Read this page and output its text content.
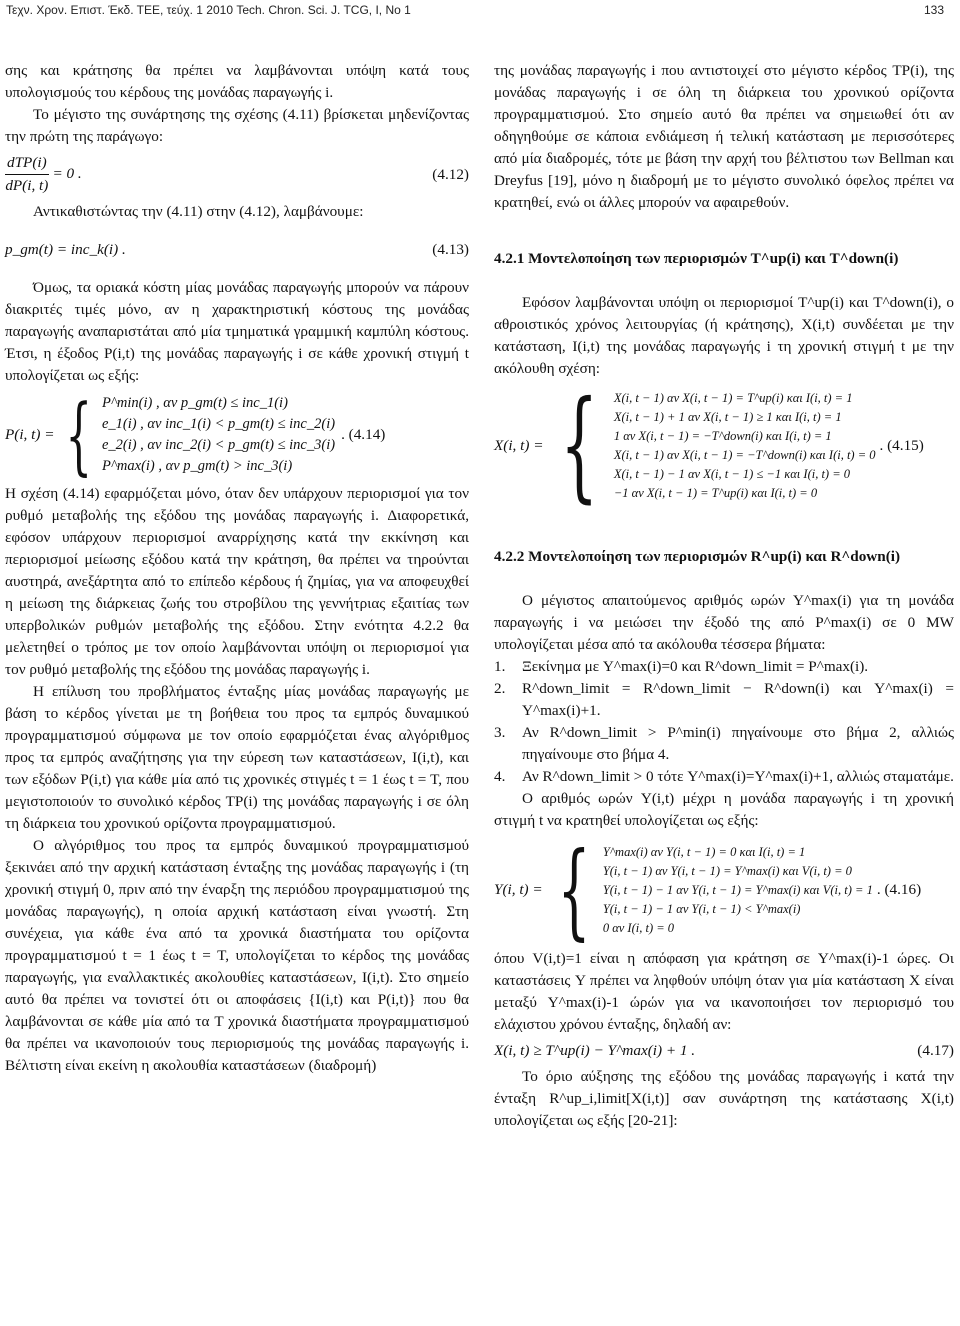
Τεχν. Χρον. Επιστ. Έκδ. ΤΕΕ, τεύχ. 1 2010 Tech. Chron. Sci. J. TCG, I, No 1	133

σης και κράτησης θα πρέπει να λαμβάνονται υπόψη κατά τους υπολογισμούς του κέρδους της μονάδας παραγωγής i.

Το μέγιστο της συνάρτησης της σχέσης (4.11) βρίσκεται μηδενίζοντας την πρώτη της παράγωγο:

$\frac{\text{dTP(i)}}{dP(i, t)} = 0$ .	(4.12)

Αντικαθιστώντας την (4.11) στην (4.12), λαμβάνουμε:

p_gm(t) = inc_k(i) .	(4.13)

Όμως, τα οριακά κόστη μίας μονάδας παραγωγής μπορούν να πάρουν διακριτές τιμές μόνο, αν η χαρακτηριστική κόστους της μονάδας παραγωγής αναπαριστάται από μία τμηματικά γραμμική καμπύλη κόστους. Έτσι, η έξοδος P(i,t) της μονάδας παραγωγής i σε κάθε χρονική στιγμή t υπολογίζεται ως εξής:

P(i, t) = { P^min(i) , αν p_gm(t) ≤ inc_1(i)
e_1(i) , αν inc_1(i) < p_gm(t) ≤ inc_2(i)
e_2(i) , αν inc_2(i) < p_gm(t) ≤ inc_3(i)
P^max(i) , αν p_gm(t) > inc_3(i)
. (4.14)

Η σχέση (4.14) εφαρμόζεται μόνο, όταν δεν υπάρχουν περιορισμοί για τον ρυθμό μεταβολής της εξόδου της μονάδας παραγωγής i. Διαφορετικά, εφόσον υπάρχουν περιορισμοί αναρρίχησης κατά την εκκίνηση και περιορισμοί μείωσης εξόδου κατά την κράτηση, θα πρέπει να τηρούνται αυστηρά, ανεξάρτητα από το επίπεδο κέρδους ή ζημίας, για να αποφευχθεί η μείωση της διάρκειας ζωής του στροβίλου της γεννήτριας εξαιτίας των υπερβολικών ρυθμών μεταβολής της εξόδου. Στην ενότητα 4.2.2 θα μελετηθεί ο τρόπος με τον οποίο λαμβάνονται υπόψη οι περιορισμοί για τον ρυθμό μεταβολής της εξόδου της μονάδας παραγωγής i.

Η επίλυση του προβλήματος ένταξης μίας μονάδας παραγωγής με βάση το κέρδος γίνεται με τη βοήθεια του προς τα εμπρός δυναμικού προγραμματισμού σύμφωνα με τον οποίο εφαρμόζεται ένας αλγόριθμος προς τα εμπρός αναζήτησης για την εύρεση των καταστάσεων, I(i,t), και των εξόδων P(i,t) για κάθε μία από τις χρονικές στιγμές t = 1 έως t = T, που μεγιστοποιούν το συνολικό κέρδος TP(i) της μονάδας παραγωγής i σε όλη τη διάρκεια του χρονικού ορίζοντα προγραμματισμού.

Ο αλγόριθμος του προς τα εμπρός δυναμικού προγραμματισμού ξεκινάει από την αρχική κατάσταση ένταξης της μονάδας παραγωγής i (τη χρονική στιγμή 0, πριν από την έναρξη της περιόδου προγραμματισμού της μονάδας παραγωγής), η οποία αρχική κατάσταση είναι γνωστή. Στη συνέχεια, για κάθε ένα από τα χρονικά διαστήματα του ορίζοντα προγραμματισμού t = 1 έως t = T, υπολογίζεται το κέρδος της μονάδας παραγωγής, για εναλλακτικές ακολουθίες καταστάσεων, I(i,t). Στο σημείο αυτό θα πρέπει να τονιστεί ότι οι αποφάσεις {I(i,t) και P(i,t)} που θα λαμβάνονται σε κάθε μία από τα T χρονικά διαστήματα προγραμματισμού θα πρέπει να ικανοποιούν τους περιορισμούς της μονάδας παραγωγής i. Βέλτιστη είναι εκείνη η ακολουθία καταστάσεων (διαδρομή)

της μονάδας παραγωγής i που αντιστοιχεί στο μέγιστο κέρδος TP(i), της μονάδας παραγωγής i σε όλη τη διάρκεια του χρονικού ορίζοντα προγραμματισμού. Στο σημείο αυτό θα πρέπει να σημειωθεί ότι αν οδηγηθούμε σε κάποια ενδιάμεση ή τελική κατάσταση με περισσότερες από μία διαδρομές, τότε με βάση την αρχή του βέλτιστου των Bellman και Dreyfus [19], μόνο η διαδρομή με το μέγιστο συνολικό όφελος πρέπει να κρατηθεί, ενώ οι άλλες μπορούν να αφαιρεθούν.

4.2.1 Μοντελοποίηση των περιορισμών T^up(i) και T^down(i)

Εφόσον λαμβάνονται υπόψη οι περιορισμοί T^up(i) και T^down(i), ο αθροιστικός χρόνος λειτουργίας (ή κράτησης), X(i,t) συνδέεται με την κατάσταση, I(i,t) της μονάδας παραγωγής i τη χρονική στιγμή t με την ακόλουθη σχέση:

X(i, t) = { X(i, t − 1) αν X(i, t − 1) = T^up(i) και I(i, t) = 1
X(i, t − 1) + 1 αν X(i, t − 1) ≥ 1 και I(i, t) = 1
1 αν X(i, t − 1) = −T^down(i) και I(i, t) = 1
X(i, t − 1) αν X(i, t − 1) = −T^down(i) και I(i, t) = 0
X(i, t − 1) − 1 αν X(i, t − 1) ≤ −1 και I(i, t) = 0
−1 αν X(i, t − 1) = T^up(i) και I(i, t) = 0
. (4.15)

4.2.2 Μοντελοποίηση των περιορισμών R^up(i) και R^down(i)

Ο μέγιστος απαιτούμενος αριθμός ωρών Y^max(i) για τη μονάδα παραγωγής i να μειώσει την έξοδό της από P^max(i) σε 0 MW υπολογίζεται μέσα από τα ακόλουθα τέσσερα βήματα:

1.	Ξεκίνημα με Y^max(i)=0 και R^down_limit = P^max(i).
2.	R^down_limit = R^down_limit − R^down(i) και Y^max(i) = Y^max(i)+1.
3.	Αν R^down_limit > P^min(i) πηγαίνουμε στο βήμα 2, αλλιώς πηγαίνουμε στο βήμα 4.
4.	Αν R^down_limit > 0 τότε Y^max(i)=Y^max(i)+1, αλλιώς σταματάμε.

Ο αριθμός ωρών Y(i,t) μέχρι η μονάδα παραγωγής i τη χρονική στιγμή t να κρατηθεί υπολογίζεται ως εξής:

Y(i, t) = { Y^max(i) αν Y(i, t − 1) = 0 και I(i, t) = 1
Y(i, t − 1) αν Y(i, t − 1) = Y^max(i) και V(i, t) = 0
Y(i, t − 1) − 1 αν Y(i, t − 1) = Y^max(i) και V(i, t) = 1
Y(i, t − 1) − 1 αν Y(i, t − 1) < Y^max(i)
0 αν I(i, t) = 0
. (4.16)

όπου V(i,t)=1 είναι η απόφαση για κράτηση σε Y^max(i)-1 ώρες. Οι καταστάσεις Y πρέπει να ληφθούν υπόψη όταν για μία κατάσταση X είναι μεταξύ Y^max(i)-1 ώρών για να ικανοποιήσει τον περιορισμό του ελάχιστου χρόνου ένταξης, δηλαδή αν:

X(i, t) ≥ T^up(i) − Y^max(i) + 1 .	(4.17)

Το όριο αύξησης της εξόδου της μονάδας παραγωγής i κατά την ένταξη R^up_i,limit[X(i,t)] σαν συνάρτηση της κατάστασης X(i,t) υπολογίζεται ως εξής [20-21]:
